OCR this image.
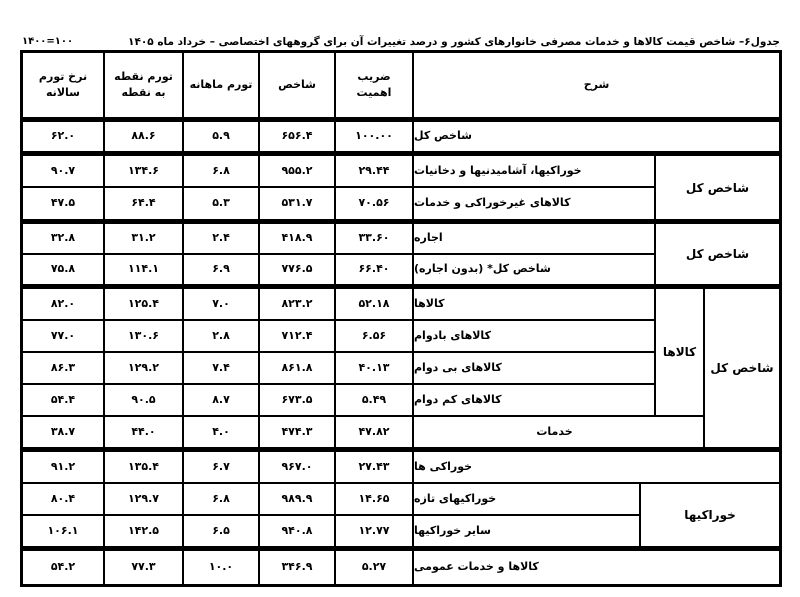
جدول۶– شاخص قیمت کالاها و خدمات مصرفی خانوارهای کشور و درصد تغییرات آن برای گروههای اختصاصی – خرداد ماه ۱۴۰۵
۱۴۰۰=۱۰۰
شرح
ضریب
اهمیت
شاخص
تورم ماهانه
تورم نقطه
به نقطه
نرخ تورم
سالانه
شاخص کل
شاخص کل
شاخص کل
کالاها
خوراکیها
شاخص کل
۱۰۰.۰۰
۶۵۶.۴
۵.۹
۸۸.۶
۶۲.۰
خوراکیها، آشامیدنیها و دخانیات
۲۹.۴۴
۹۵۵.۲
۶.۸
۱۳۴.۶
۹۰.۷
کالاهای غیرخوراکی و خدمات
۷۰.۵۶
۵۳۱.۷
۵.۳
۶۴.۴
۴۷.۵
اجاره
۳۳.۶۰
۴۱۸.۹
۲.۴
۳۱.۲
۳۲.۸
شاخص کل* (بدون اجاره)
۶۶.۴۰
۷۷۶.۵
۶.۹
۱۱۴.۱
۷۵.۸
کالاها
۵۲.۱۸
۸۲۳.۲
۷.۰
۱۲۵.۴
۸۲.۰
کالاهای بادوام
۶.۵۶
۷۱۲.۴
۲.۸
۱۳۰.۶
۷۷.۰
کالاهای بی دوام
۴۰.۱۳
۸۶۱.۸
۷.۴
۱۲۹.۲
۸۶.۳
کالاهای کم دوام
۵.۴۹
۶۷۳.۵
۸.۷
۹۰.۵
۵۴.۴
خدمات
۴۷.۸۲
۴۷۴.۳
۴.۰
۴۴.۰
۳۸.۷
خوراکی ها
۲۷.۴۳
۹۶۷.۰
۶.۷
۱۳۵.۴
۹۱.۲
خوراکیهای تازه
۱۴.۶۵
۹۸۹.۹
۶.۸
۱۲۹.۷
۸۰.۴
سایر خوراکیها
۱۲.۷۷
۹۴۰.۸
۶.۵
۱۴۲.۵
۱۰۶.۱
کالاها و خدمات عمومی
۵.۲۷
۳۴۶.۹
۱۰.۰
۷۷.۳
۵۴.۲
